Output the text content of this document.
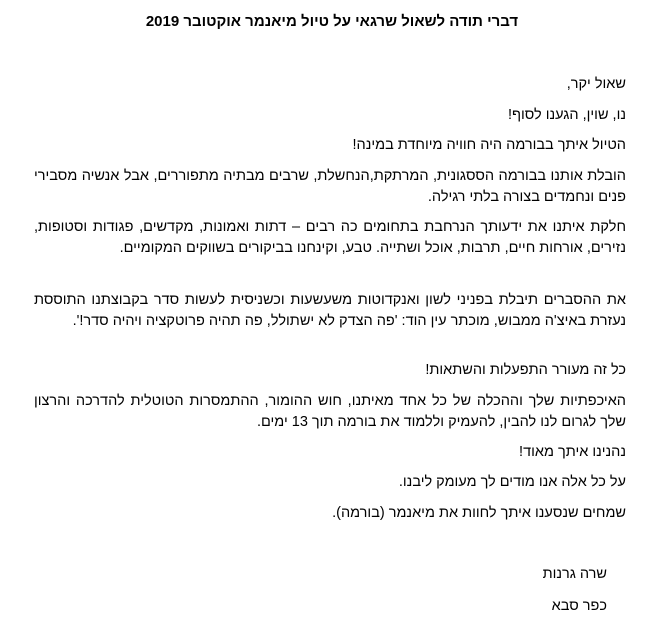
דברי תודה לשאול שרגאי על טיול מיאנמר אוקטובר 2019

שאול יקר,

נו, שוין, הגענו לסוף!

הטיול איתך בבורמה היה חוויה מיוחדת במינה!

הובלת אותנו בבורמה הססגונית, המרתקת,הנחשלת, שרבים מבתיה מתפוררים, אבל אנשיה מסבירי פנים ונחמדים בצורה בלתי רגילה.

חלקת איתנו את ידעותך הנרחבת בתחומים כה רבים – דתות ואמונות, מקדשים, פגודות וסטופות, נזירים, אורחות חיים, תרבות, אוכל ושתייה. טבע, וקינחנו בביקורים בשווקים המקומיים.

את ההסברים תיבלת בפניני לשון ואנקדוטות משעשעות וכשניסית לעשות סדר בקבוצתנו התוססת נעזרת באיצ'ה ממבוש, מוכתר עין הוד: 'פה הצדק לא ישתולל, פה תהיה פרוטקציה ויהיה סדר!'.

כל זה מעורר התפעלות והשתאות!

האיכפתיות שלך וההכלה של כל אחד מאיתנו, חוש ההומור, ההתמסרות הטוטלית להדרכה והרצון שלך לגרום לנו להבין, להעמיק וללמוד את בורמה תוך 13 ימים.

נהנינו איתך מאוד!

על כל אלה אנו מודים לך מעומק ליבנו.

שמחים שנסענו איתך לחוות את מיאנמר (בורמה).

שרה גרנות

כפר סבא
